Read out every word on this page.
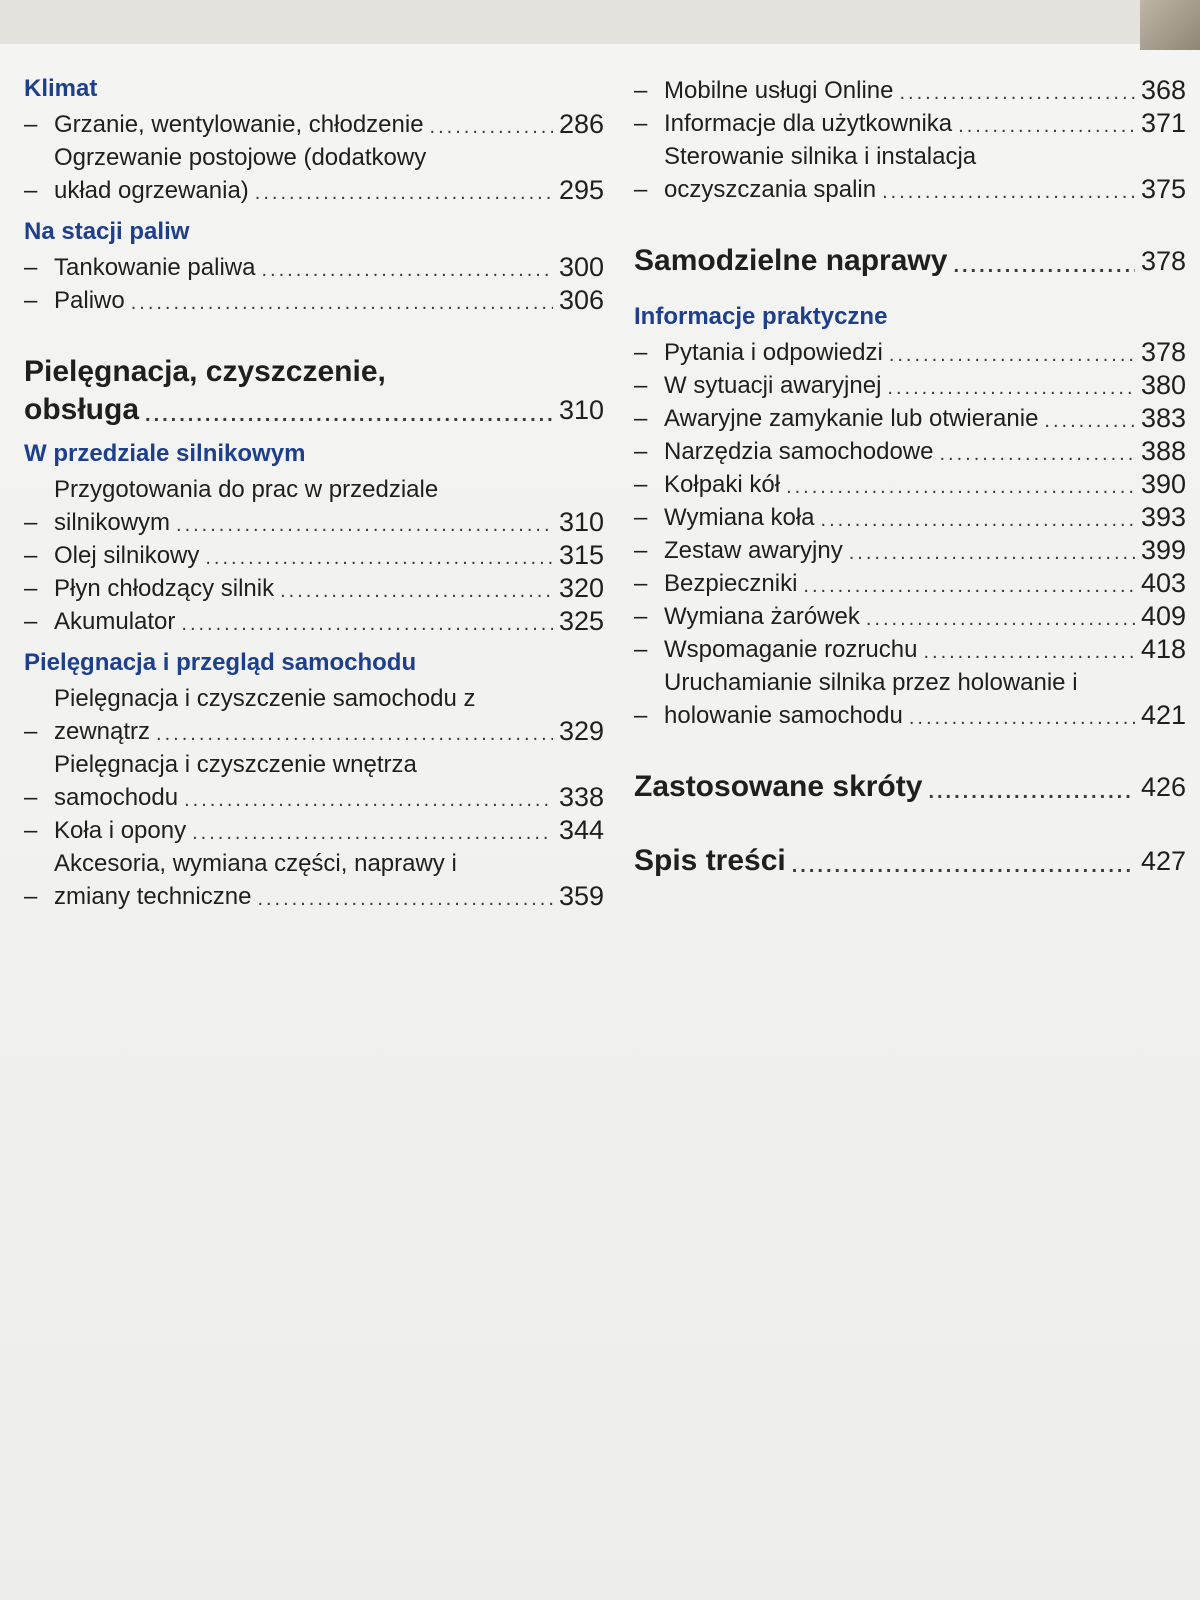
Klimat
– Grzanie, wentylowanie, chłodzenie .....	286
–
Ogrzewanie postojowe (dodatkowy
układ ogrzewania) .....	295
Na stacji paliw
– Tankowanie paliwa .....	300
– Paliwo .....	306
Pielęgnacja, czyszczenie,
obsługa .....	310
W przedziale silnikowym
–
Przygotowania do prac w przedziale
silnikowym .....	310
– Olej silnikowy .....	315
– Płyn chłodzący silnik .....	320
– Akumulator .....	325
Pielęgnacja i przegląd samochodu
–
Pielęgnacja i czyszczenie samochodu z
zewnątrz .....	329
–
Pielęgnacja i czyszczenie wnętrza
samochodu .....	338
– Koła i opony .....	344
–
Akcesoria, wymiana części, naprawy i
zmiany techniczne .....	359
– Mobilne usługi Online .....	368
– Informacje dla użytkownika .....	371
–
Sterowanie silnika i instalacja
oczyszczania spalin .....	375
Samodzielne naprawy .....	378
Informacje praktyczne
– Pytania i odpowiedzi .....	378
– W sytuacji awaryjnej .....	380
– Awaryjne zamykanie lub otwieranie .....	383
– Narzędzia samochodowe .....	388
– Kołpaki kół .....	390
– Wymiana koła .....	393
– Zestaw awaryjny .....	399
– Bezpieczniki .....	403
– Wymiana żarówek .....	409
– Wspomaganie rozruchu .....	418
–
Uruchamianie silnika przez holowanie i
holowanie samochodu .....	421
Zastosowane skróty .....	426
Spis treści .....	427
